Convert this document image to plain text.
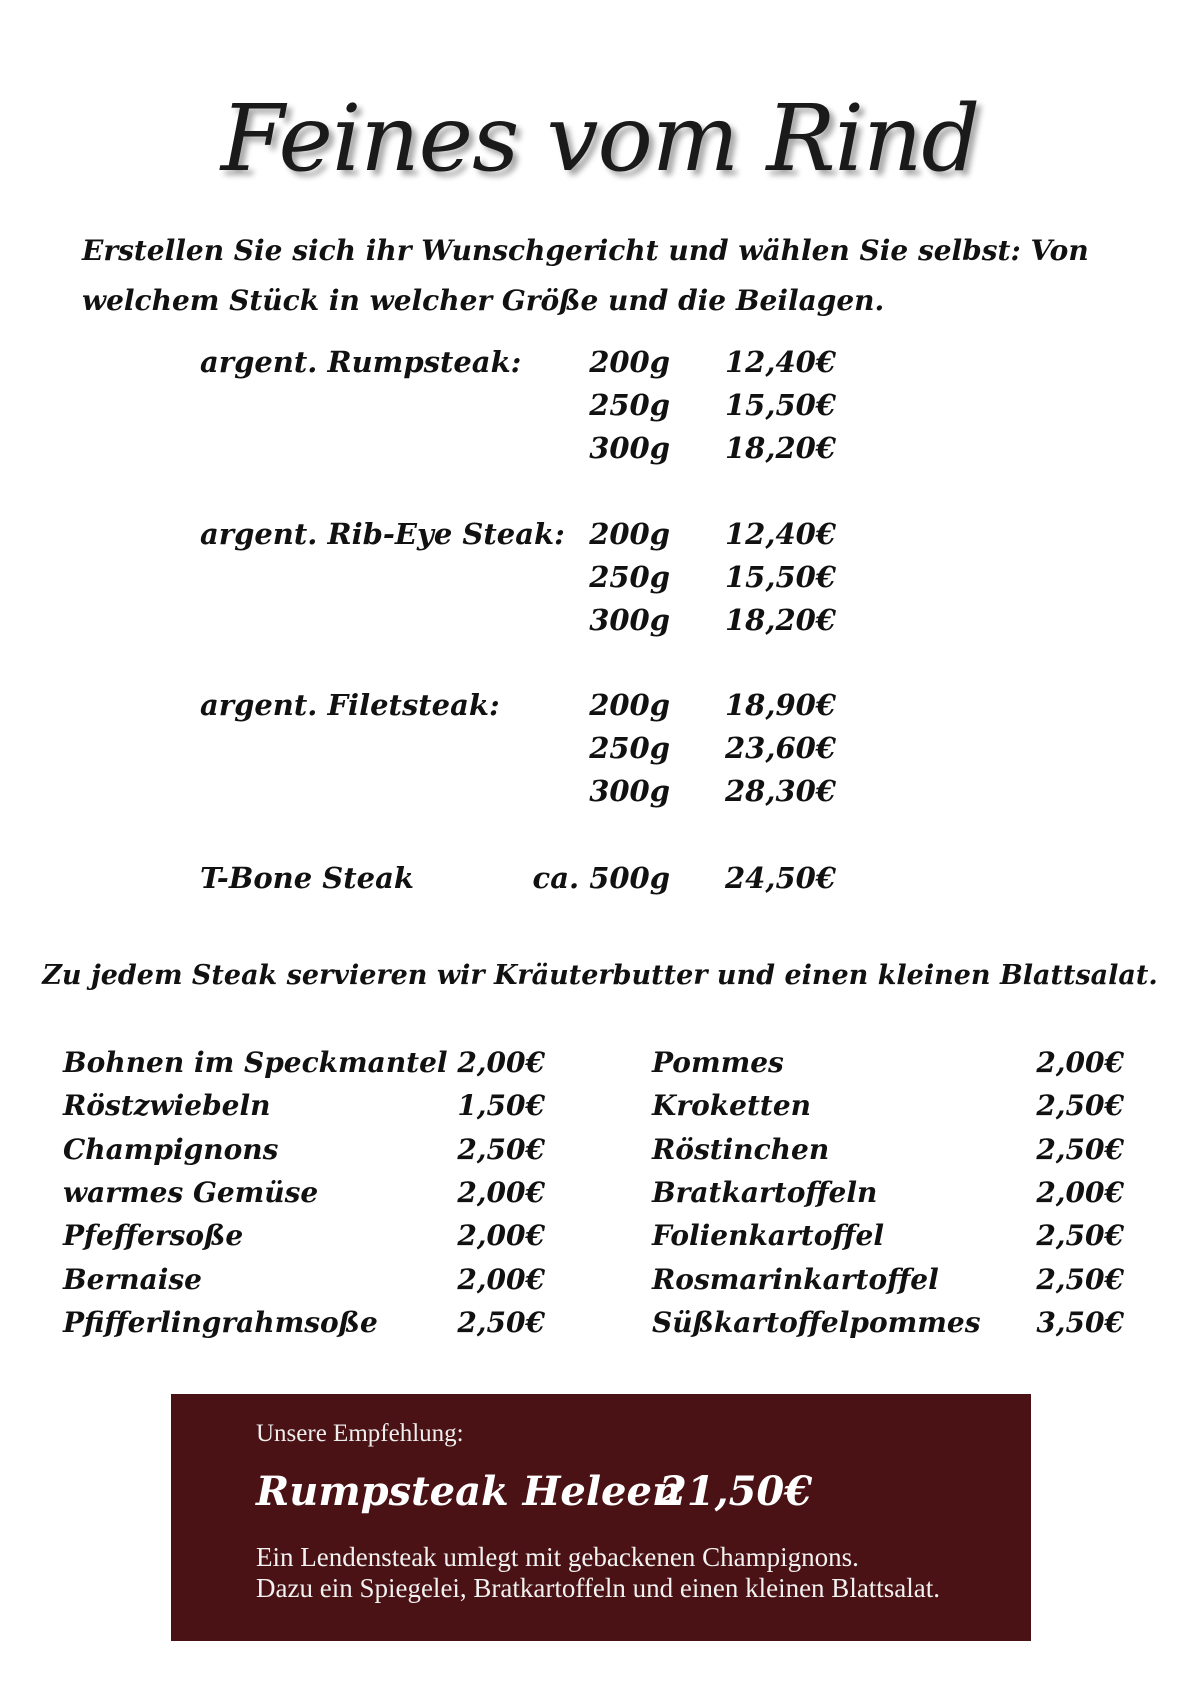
Feines vom Rind
Erstellen Sie sich ihr Wunschgericht und wählen Sie selbst: Von welchem Stück in welcher Größe und die Beilagen.
argent. Rumpsteak: 200g 12,40€
250g 15,50€
300g 18,20€
argent. Rib-Eye Steak: 200g 12,40€
250g 15,50€
300g 18,20€
argent. Filetsteak:	200g 18,90€
250g 23,60€
300g 28,30€
T-Bone Steak	ca. 500g 24,50€
Zu jedem Steak servieren wir Kräuterbutter und einen kleinen Blattsalat.
Bohnen im Speckmantel 2,00€
Röstzwiebeln	1,50€
Champignons	2,50€
warmes Gemüse	2,00€
Pfeffersoße	2,00€
Bernaise	2,00€
Pfifferlingrahmsoße	2,50€
Pommes	2,00€
Kroketten	2,50€
Röstinchen	2,50€
Bratkartoffeln	2,00€
Folienkartoffel	2,50€
Rosmarinkartoffel	2,50€
Süßkartoffelpommes 3,50€
Unsere Empfehlung:
Rumpsteak Heleen
21,50€
Ein Lendensteak umlegt mit gebackenen Champignons.
Dazu ein Spiegelei, Bratkartoffeln und einen kleinen Blattsalat.
